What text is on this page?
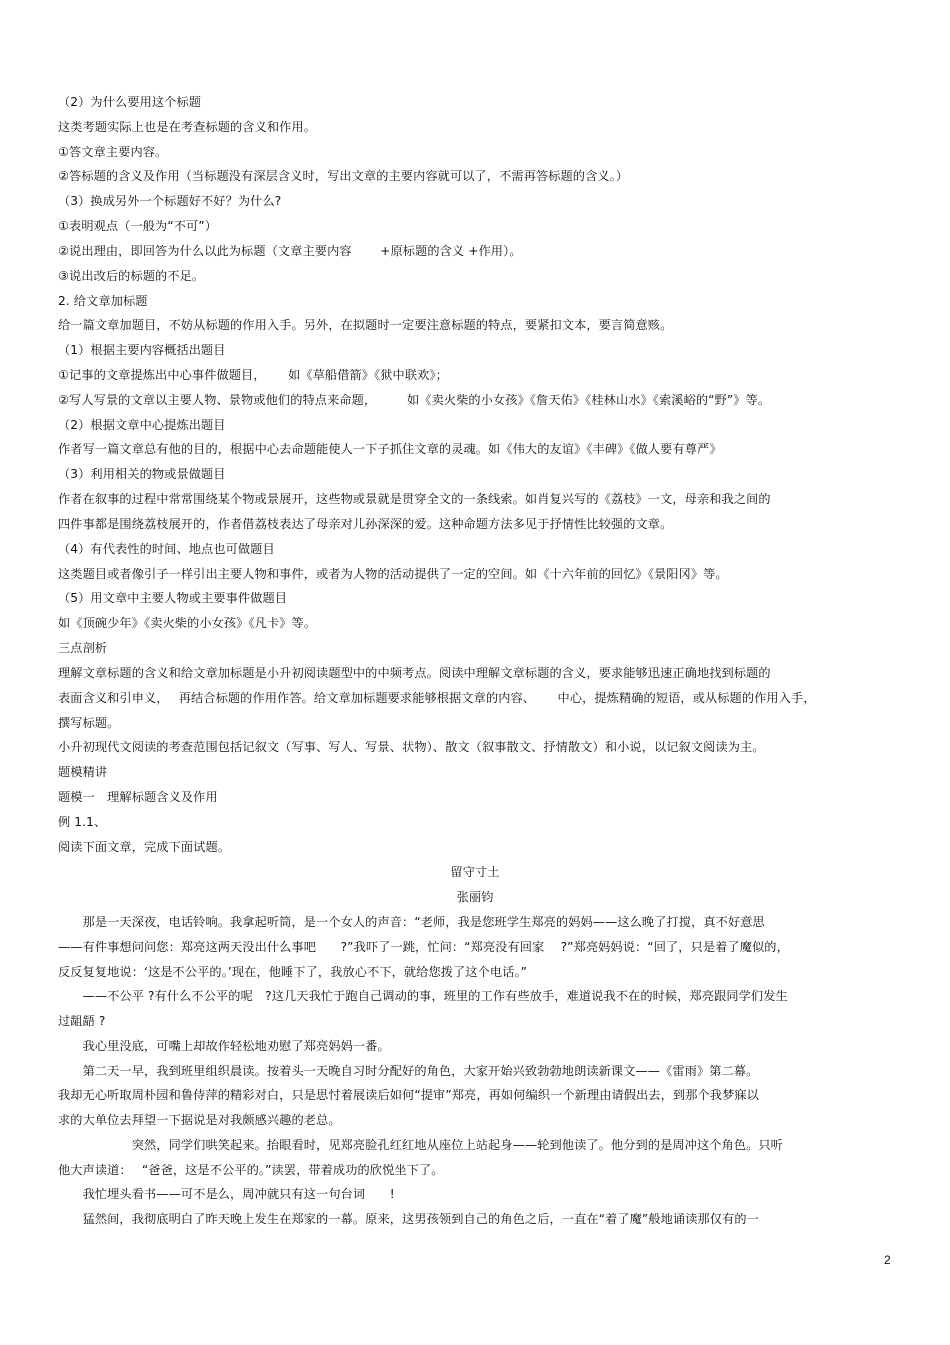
（2）为什么要用这个标题
这类考题实际上也是在考查标题的含义和作用。
①答文章主要内容。
②答标题的含义及作用（当标题没有深层含义时，写出文章的主要内容就可以了，不需再答标题的含义。）
（3）换成另外一个标题好不好？为什么?
①表明观点（一般为“不可”）
②说出理由，即回答为什么以此为标题（文章主要内容　　 +原标题的含义 +作用）。
③说出改后的标题的不足。
2. 给文章加标题
给一篇文章加题目，不妨从标题的作用入手。另外，在拟题时一定要注意标题的特点，要紧扣文本，要言简意赅。
（1）根据主要内容概括出题目
①记事的文章提炼出中心事件做题目，　　 如《草船借箭》《狱中联欢》；
②写人写景的文章以主要人物、景物或他们的特点来命题，　　　如《卖火柴的小女孩》《詹天佑》《桂林山水》《索溪峪的“野”》等。
（2）根据文章中心提炼出题目
作者写一篇文章总有他的目的，根据中心去命题能使人一下子抓住文章的灵魂。如《伟大的友谊》《丰碑》《做人要有尊严》
（3）利用相关的物或景做题目
作者在叙事的过程中常常围绕某个物或景展开，这些物或景就是贯穿全文的一条线索。如肖复兴写的《荔枝》一文，母亲和我之间的
四件事都是围绕荔枝展开的，作者借荔枝表达了母亲对儿孙深深的爱。这种命题方法多见于抒情性比较强的文章。
（4）有代表性的时间、地点也可做题目
这类题目或者像引子一样引出主要人物和事件，或者为人物的活动提供了一定的空间。如《十六年前的回忆》《景阳冈》等。
（5）用文章中主要人物或主要事件做题目
如《顶碗少年》《卖火柴的小女孩》《凡卡》等。
三点剖析
理解文章标题的含义和给文章加标题是小升初阅读题型中的中频考点。阅读中理解文章标题的含义，要求能够迅速正确地找到标题的
表面含义和引申义，　 再结合标题的作用作答。给文章加标题要求能够根据文章的内容、　　 中心，提炼精确的短语，或从标题的作用入手，
撰写标题。
小升初现代文阅读的考查范围包括记叙文（写事、写人、写景、状物）、散文（叙事散文、抒情散文）和小说，以记叙文阅读为主。
题模精讲
题模一　理解标题含义及作用
例 1.1、
阅读下面文章，完成下面试题。
留守寸土
张丽钧
　　那是一天深夜，电话铃响。我拿起听筒，是一个女人的声音：“老师，我是您班学生郑亮的妈妈——这么晚了打搅，真不好意思
——有件事想问问您：郑亮这两天没出什么事吧　　?”我吓了一跳，忙问：“郑亮没有回家　 ?”郑亮妈妈说：“回了，只是着了魔似的，
反反复复地说：‘这是不公平的。’现在，他睡下了，我放心不下，就给您拨了这个电话。”
　　——不公平 ?有什么不公平的呢　?这几天我忙于跑自己调动的事，班里的工作有些放手，难道说我不在的时候，郑亮跟同学们发生
过龃龉 ?
　　我心里没底，可嘴上却故作轻松地劝慰了郑亮妈妈一番。
　　第二天一早，我到班里组织晨读。按着头一天晚自习时分配好的角色，大家开始兴致勃勃地朗读新课文——《雷雨》第二幕。
我却无心听取周朴园和鲁侍萍的精彩对白，只是思忖着展读后如何“提审”郑亮，再如何编织一个新理由请假出去，到那个我梦寐以
求的大单位去拜望一下据说是对我颇感兴趣的老总。
　　　　　　突然，同学们哄笑起来。抬眼看时，见郑亮脸孔红红地从座位上站起身——轮到他读了。他分到的是周冲这个角色。只听
他大声读道：　 “爸爸，这是不公平的。”读罢，带着成功的欣悦坐下了。
　　我忙埋头看书——可不是么，周冲就只有这一句台词　　!
　　猛然间，我彻底明白了昨天晚上发生在郑家的一幕。原来，这男孩领到自己的角色之后，一直在“着了魔”般地诵读那仅有的一
2
